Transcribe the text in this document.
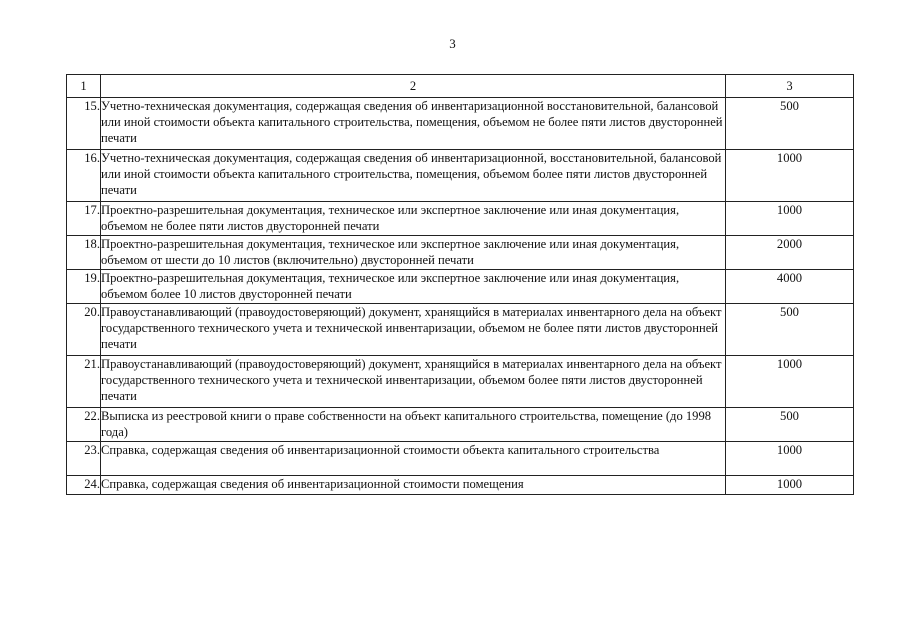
3
1	2	3
15.	Учетно-техническая документация, содержащая сведения об инвентаризационной восстановительной, балансовой или иной стоимости объекта капитального строительства, помещения, объемом не более пяти листов двусторонней печати	500
16.	Учетно-техническая документация, содержащая сведения об инвентаризационной, восстановительной, балансовой или иной стоимости объекта капитального строительства, помещения, объемом более пяти листов двусторонней печати	1000
17.	Проектно-разрешительная документация, техническое или экспертное заключение или иная документация, объемом не более пяти листов двусторонней печати	1000
18.	Проектно-разрешительная документация, техническое или экспертное заключение или иная документация, объемом от шести до 10 листов (включительно) двусторонней печати	2000
19.	Проектно-разрешительная документация, техническое или экспертное заключение или иная документация, объемом более 10 листов двусторонней печати	4000
20.	Правоустанавливающий (правоудостоверяющий) документ, хранящийся в материалах инвентарного дела на объект государственного технического учета и технической инвентаризации, объемом не более пяти листов двусторонней печати	500
21.	Правоустанавливающий (правоудостоверяющий) документ, хранящийся в материалах инвентарного дела на объект государственного технического учета и технической инвентаризации, объемом более пяти листов двусторонней печати	1000
22.	Выписка из реестровой книги о праве собственности на объект капитального строительства, помещение (до 1998 года)	500
23.	Справка, содержащая сведения об инвентаризационной стоимости объекта капитального строительства	1000
24.	Справка, содержащая сведения об инвентаризационной стоимости помещения	1000
